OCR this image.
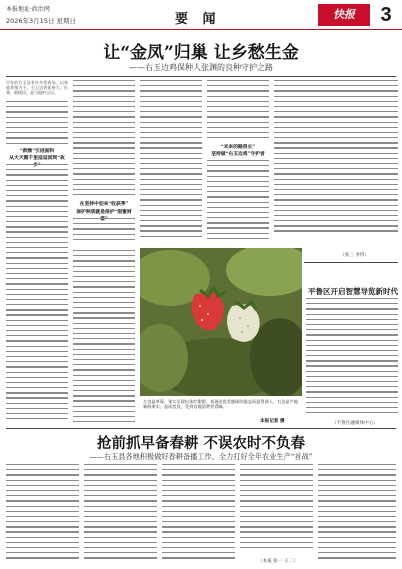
本报地址·政治网
2026年3月15日 星期日	要 闻	快报	3
让“金凤”归巢 让乡愁生金
——右玉边鸡保种人张渊的良种守护之路
早年的右玉县有许多养鸡场，以家庭养殖为主，右玉边鸡体格大、抗寒、耐粗饲，是当地的宝贝。
“救赎”引进面料
从大天鹅千里迢迢回到“故
在坚持中迎来“收获季”
保护种质就是保护“甜蜜财
“未来的路很长”
坚持做“右玉边鸡”守护者
（张三 李四）
左边是草莓，果实呈现出朱红甜甜，表现出优美肥硕的姿态而显得诱人，右边是产地新鲜果实。品质优良，受到各地消费者青睐。
本报记者 摄
平鲁区开启智慧导览新时代
（平鲁区融媒体中心）
抢前抓早备春耕 不误农时不负春
——右玉县各地积极做好春耕备播工作，全力打好全年农业生产“首战”
（本报 张一 王二）
